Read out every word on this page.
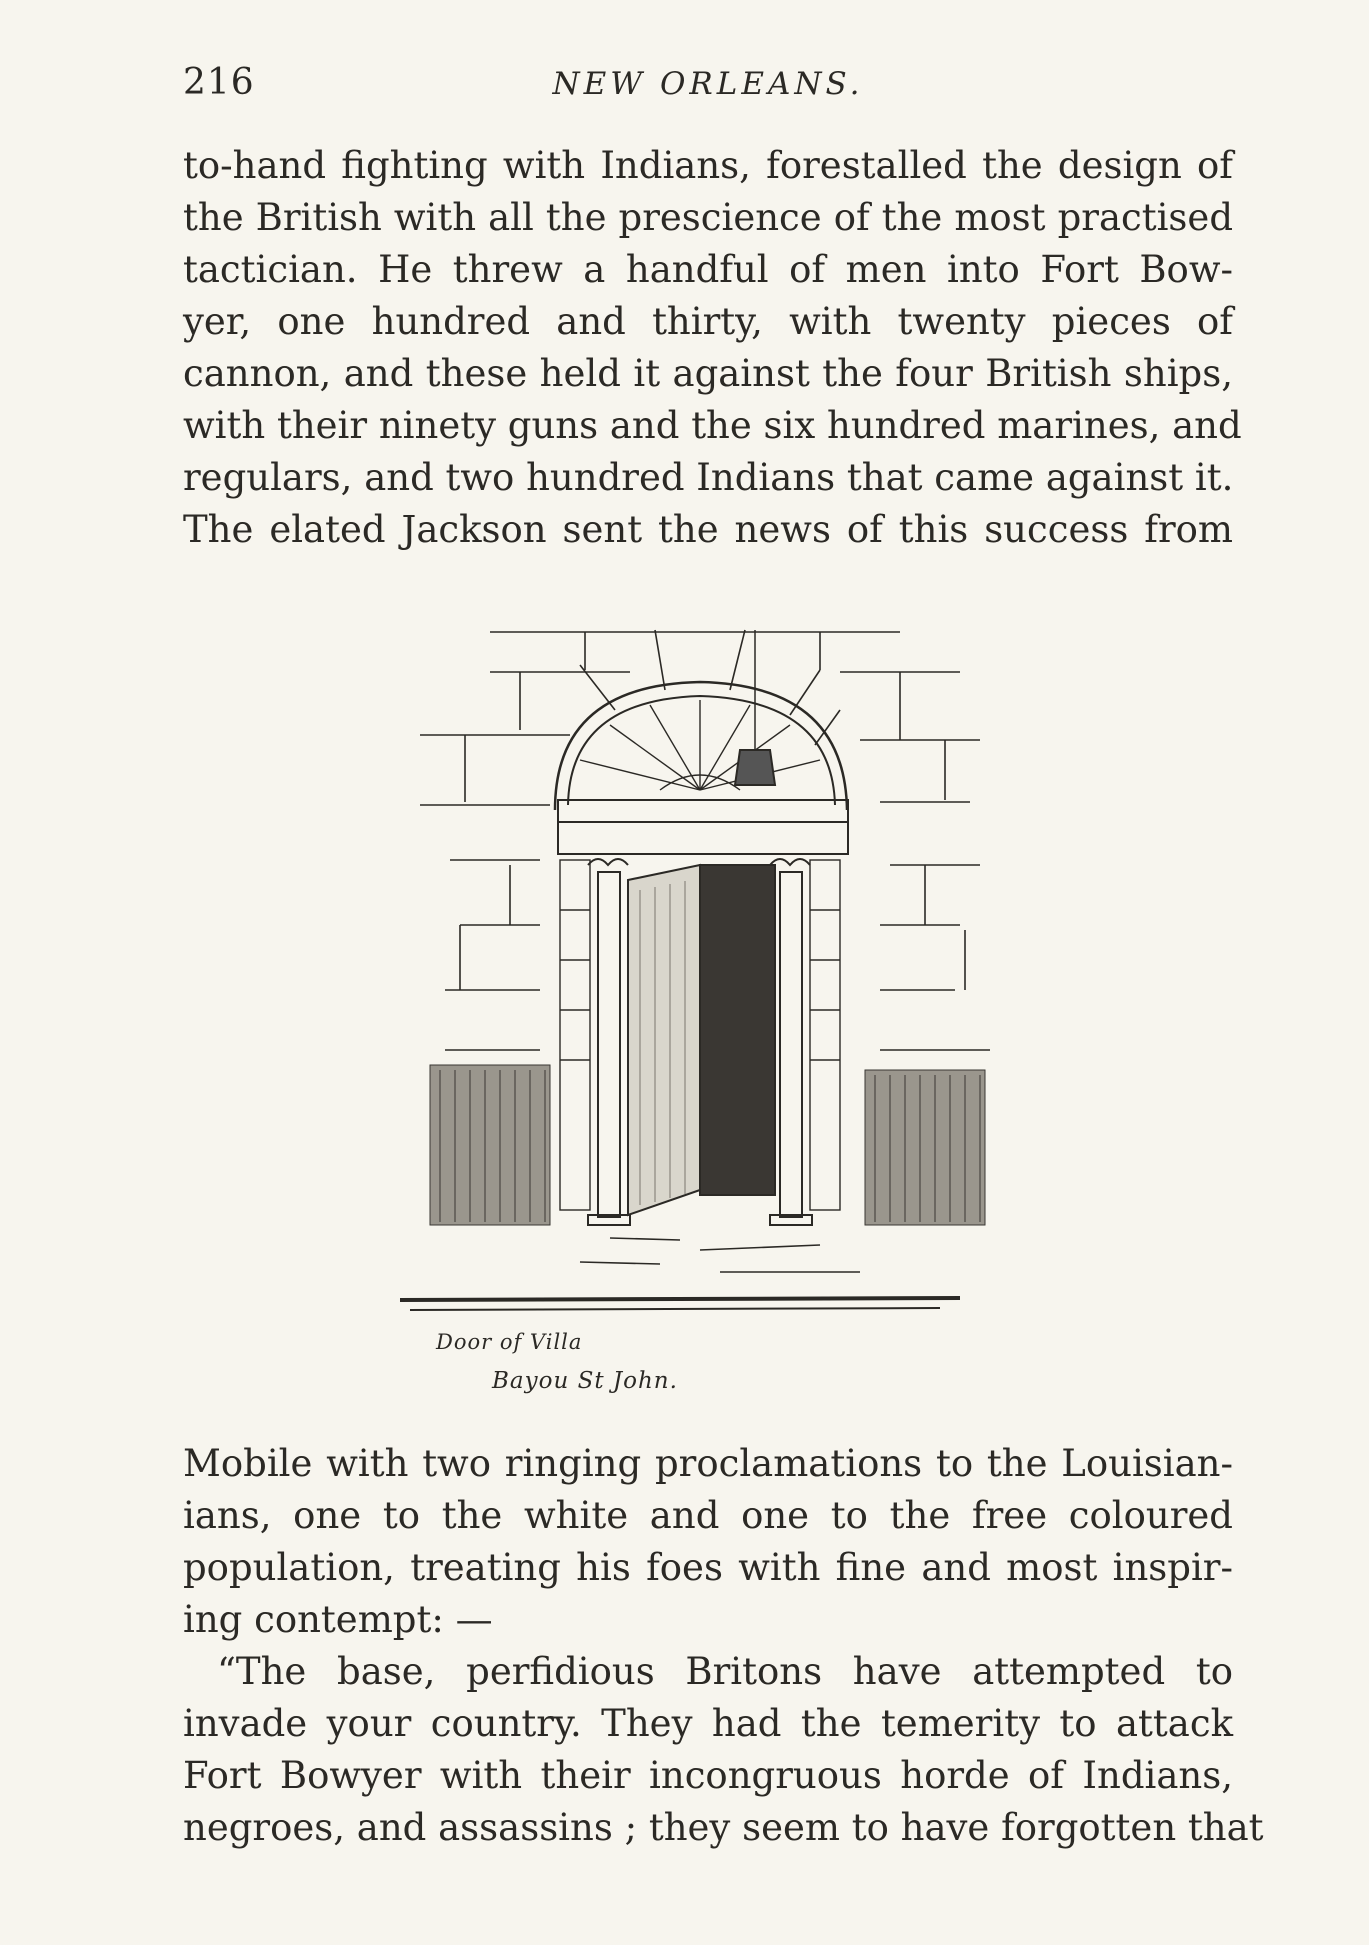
216	NEW ORLEANS.
to-hand fighting with Indians, forestalled the design of
the British with all the prescience of the most practised
tactician. He threw a handful of men into Fort Bow-
yer, one hundred and thirty, with twenty pieces of
cannon, and these held it against the four British ships,
with their ninety guns and the six hundred marines, and
regulars, and two hundred Indians that came against it.
The elated Jackson sent the news of this success from
Door of Villa
Bayou St John.
Mobile with two ringing proclamations to the Louisian-
ians, one to the white and one to the free coloured
population, treating his foes with fine and most inspir-
ing contempt: —
“The base, perfidious Britons have attempted to
invade your country. They had the temerity to attack
Fort Bowyer with their incongruous horde of Indians,
negroes, and assassins ; they seem to have forgotten that
